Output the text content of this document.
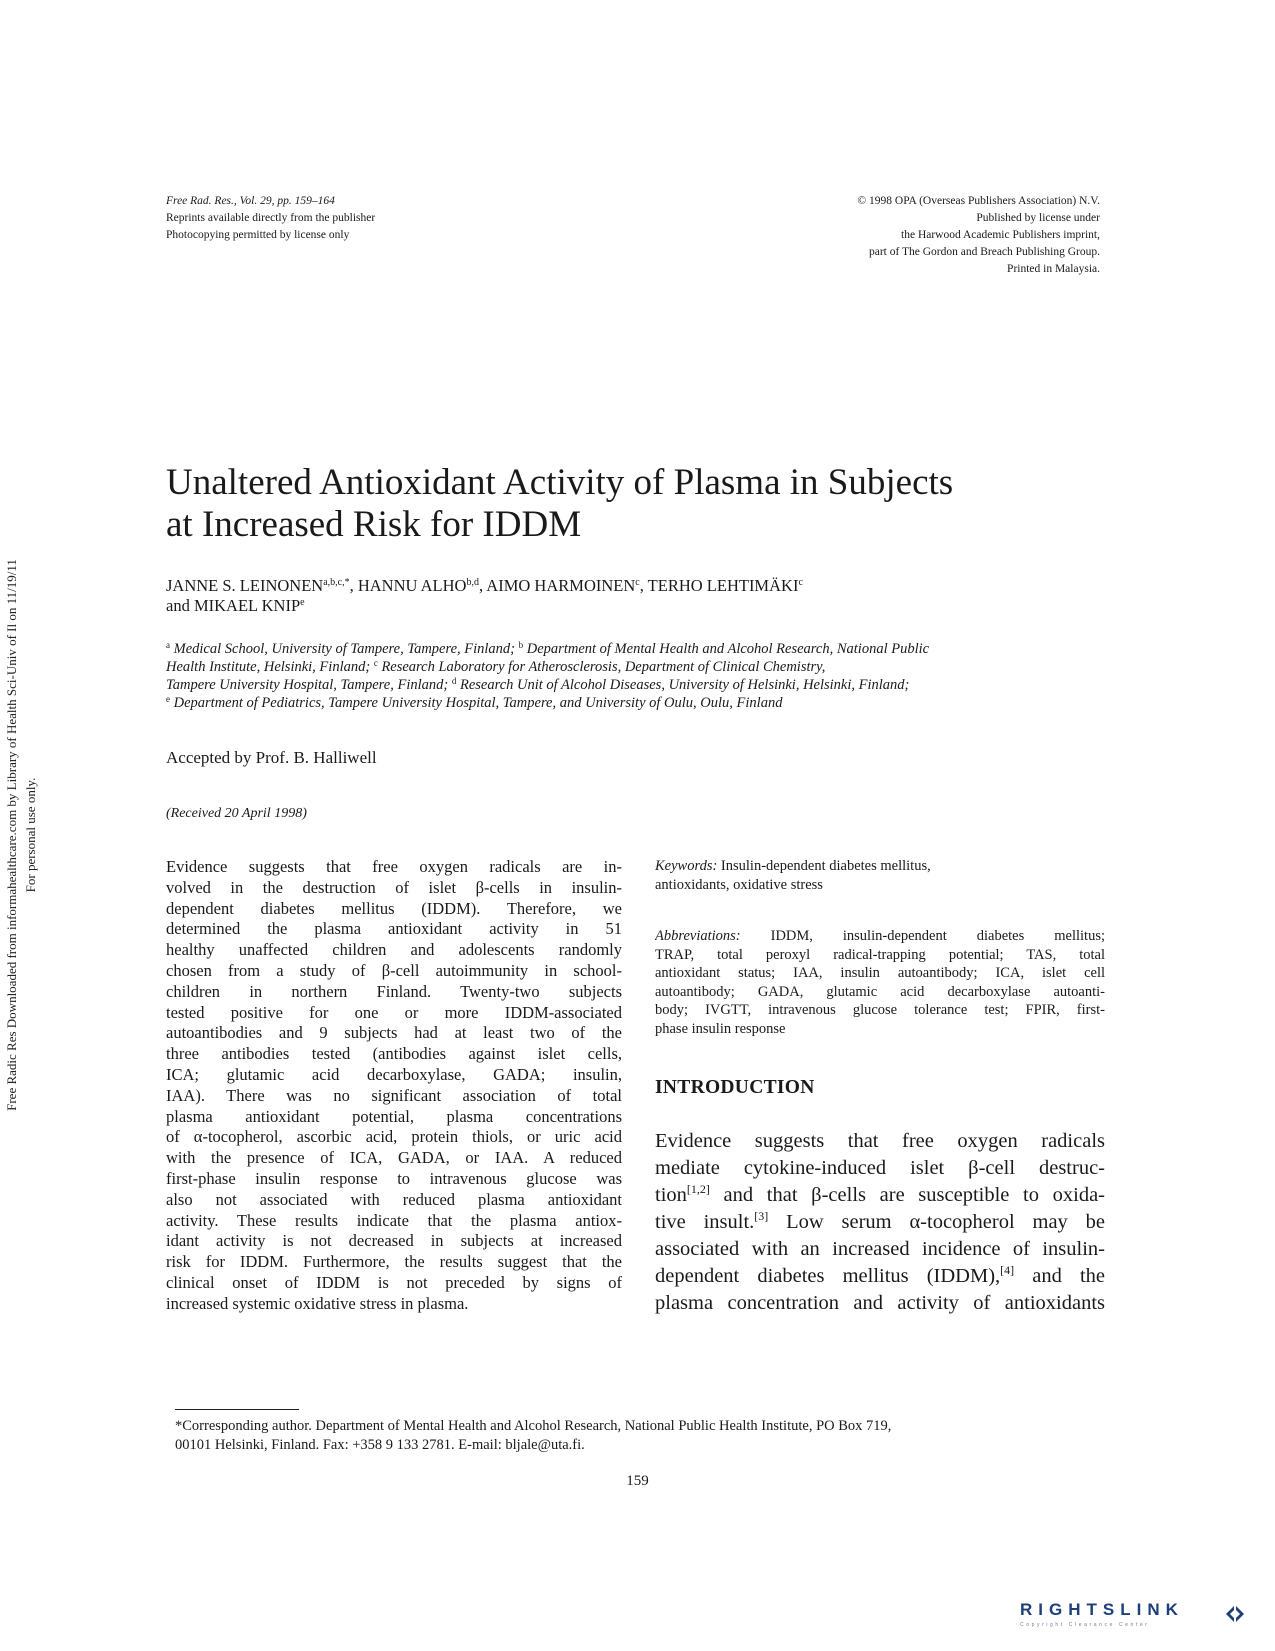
Free Rad. Res., Vol. 29, pp. 159–164
Reprints available directly from the publisher
Photocopying permitted by license only
© 1998 OPA (Overseas Publishers Association) N.V.
Published by license under
the Harwood Academic Publishers imprint,
part of The Gordon and Breach Publishing Group.
Printed in Malaysia.
Free Radic Res Downloaded from informahealthcare.com by Library of Health Sci-Univ of Il on 11/19/11 For personal use only.
Unaltered Antioxidant Activity of Plasma in Subjects
at Increased Risk for IDDM
JANNE S. $LEINONEN^{a,b,c,*}$, HANNU ALHO$^{b,d}$, AIMO HARMOINEN$^c$, TERHO LEHTIMÄKI$^c$
and MIKAEL KNIP$^e$
$^a$ Medical School, University of Tampere, Tampere, Finland; $^b$ Department of Mental Health and Alcohol Research, National Public
Health Institute, Helsinki, Finland; $^c$ Research Laboratory for Atherosclerosis, Department of Clinical Chemistry,
Tampere University Hospital, Tampere, Finland; $^d$ Research Unit of Alcohol Diseases, University of Helsinki, Helsinki, Finland;
$^e$ Department of Pediatrics, Tampere University Hospital, Tampere, and University of Oulu, Oulu, Finland
Accepted by Prof. B. Halliwell
(Received 20 April 1998)
Evidence suggests that free oxygen radicals are in-
volved in the destruction of islet β-cells in insulin-
dependent diabetes mellitus (IDDM). Therefore, we
determined the plasma antioxidant activity in 51
healthy unaffected children and adolescents randomly
chosen from a study of β-cell autoimmunity in school-
children in northern Finland. Twenty-two subjects
tested positive for one or more IDDM-associated
autoantibodies and 9 subjects had at least two of the
three antibodies tested (antibodies against islet cells,
ICA; glutamic acid decarboxylase, GADA; insulin,
IAA). There was no significant association of total
plasma antioxidant potential, plasma concentrations
of α-tocopherol, ascorbic acid, protein thiols, or uric acid
with the presence of ICA, GADA, or IAA. A reduced
first-phase insulin response to intravenous glucose was
also not associated with reduced plasma antioxidant
activity. These results indicate that the plasma antiox-
idant activity is not decreased in subjects at increased
risk for IDDM. Furthermore, the results suggest that the
clinical onset of IDDM is not preceded by signs of
increased systemic oxidative stress in plasma.
Keywords: Insulin-dependent diabetes mellitus,
antioxidants, oxidative stress
Abbreviations: IDDM, insulin-dependent diabetes mellitus;
TRAP, total peroxyl radical-trapping potential; TAS, total
antioxidant status; IAA, insulin autoantibody; ICA, islet cell
autoantibody; GADA, glutamic acid decarboxylase autoanti-
body; IVGTT, intravenous glucose tolerance test; FPIR, first-
phase insulin response
INTRODUCTION
Evidence suggests that free oxygen radicals
mediate cytokine-induced islet β-cell destruc-
tion[1,2] and that β-cells are susceptible to oxida-
tive insult.[3] Low serum α-tocopherol may be
associated with an increased incidence of insulin-
dependent diabetes mellitus (IDDM),[4] and the
plasma concentration and activity of antioxidants
*Corresponding author. Department of Mental Health and Alcohol Research, National Public Health Institute, PO Box 719,
00101 Helsinki, Finland. Fax: +358 9 133 2781. E-mail: bljale@uta.fi.
159
RIGHTSLINK
Copyright Clearance Center
